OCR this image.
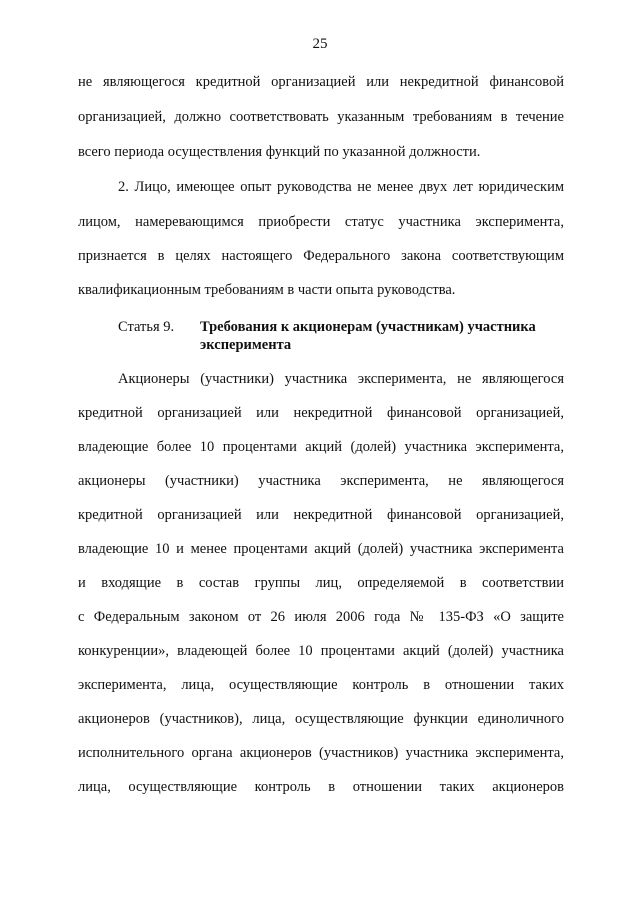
25
не являющегося кредитной организацией или некредитной финансовой
организацией, должно соответствовать указанным требованиям в течение
всего периода осуществления функций по указанной должности.
2. Лицо, имеющее опыт руководства не менее двух лет юридическим
лицом, намеревающимся приобрести статус участника эксперимента,
признается в целях настоящего Федерального закона соответствующим
квалификационным требованиям в части опыта руководства.
Статья 9. Требования к акционерам (участникам) участника
эксперимента
Акционеры (участники) участника эксперимента, не являющегося
кредитной организацией или некредитной финансовой организацией,
владеющие более 10 процентами акций (долей) участника эксперимента,
акционеры (участники) участника эксперимента, не являющегося
кредитной организацией или некредитной финансовой организацией,
владеющие 10 и менее процентами акций (долей) участника эксперимента
и входящие в состав группы лиц, определяемой в соответствии
с Федеральным законом от 26 июля 2006 года № 135-ФЗ «О защите
конкуренции», владеющей более 10 процентами акций (долей) участника
эксперимента, лица, осуществляющие контроль в отношении таких
акционеров (участников), лица, осуществляющие функции единоличного
исполнительного органа акционеров (участников) участника эксперимента,
лица, осуществляющие контроль в отношении таких акционеров
